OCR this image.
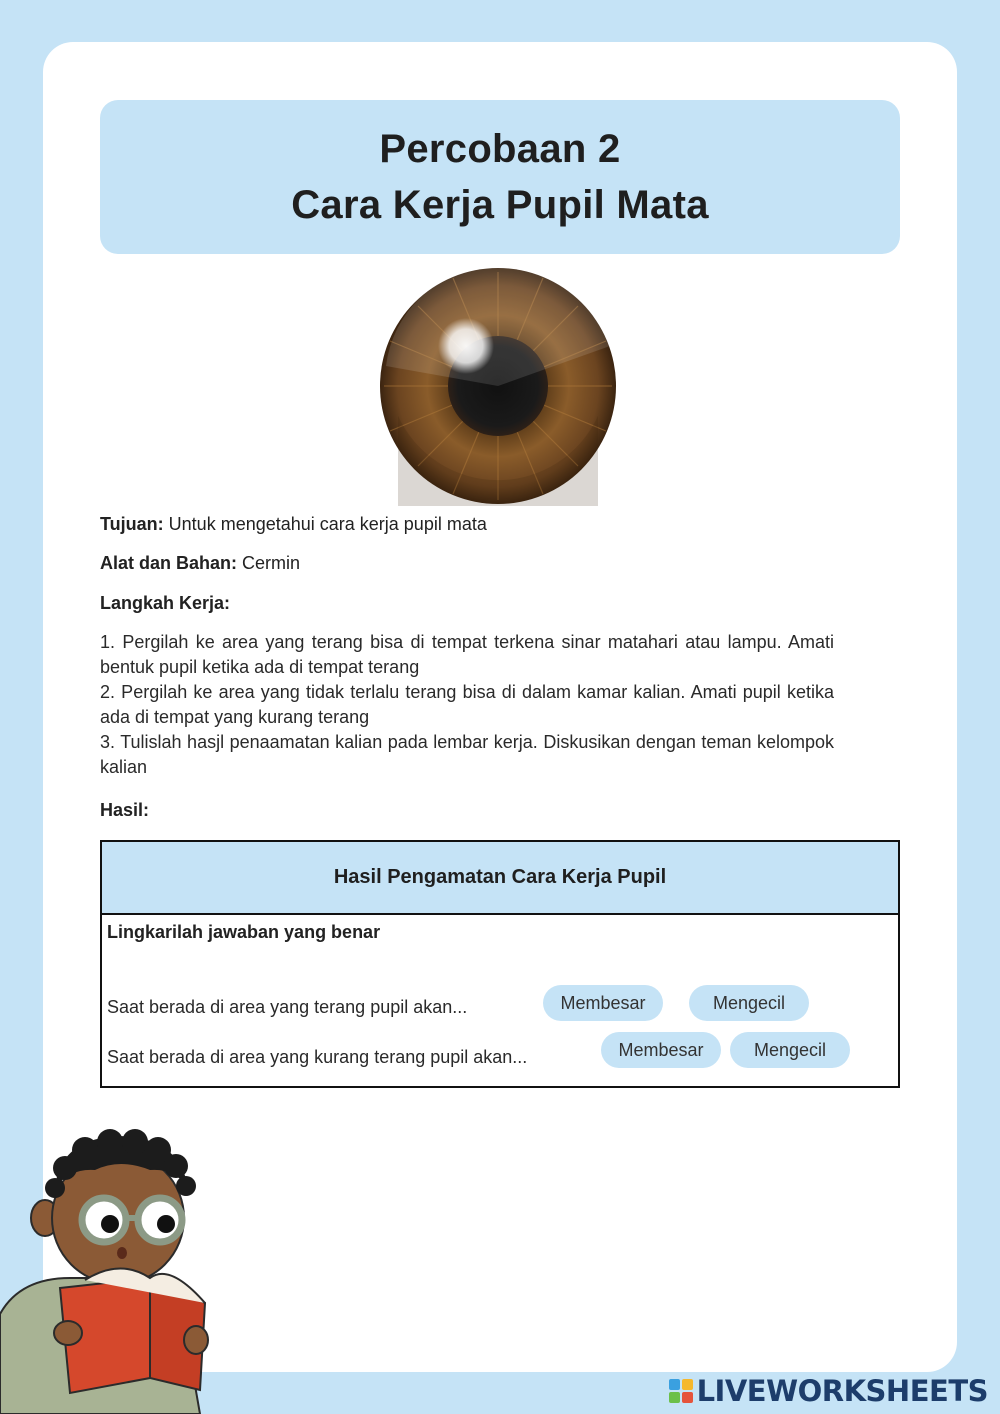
Percobaan 2
Cara Kerja Pupil Mata
Tujuan: Untuk mengetahui cara kerja pupil mata
Alat dan Bahan: Cermin
Langkah Kerja:

1. Pergilah ke area yang terang bisa di tempat terkena sinar matahari atau lampu. Amati bentuk pupil ketika ada di tempat terang

2. Pergilah ke area yang tidak terlalu terang bisa di dalam kamar kalian. Amati pupil ketika ada di tempat yang kurang terang

3. Tulislah hasjl penaamatan kalian pada lembar kerja. Diskusikan dengan teman kelompok kalian

Hasil:
Hasil Pengamatan Cara Kerja Pupil
Lingkarilah jawaban yang benar
Saat berada di area yang terang pupil akan...	Membesar	Mengecil
Saat berada di area yang kurang terang pupil akan...	Membesar	Mengecil
LIVEWORKSHEETS
